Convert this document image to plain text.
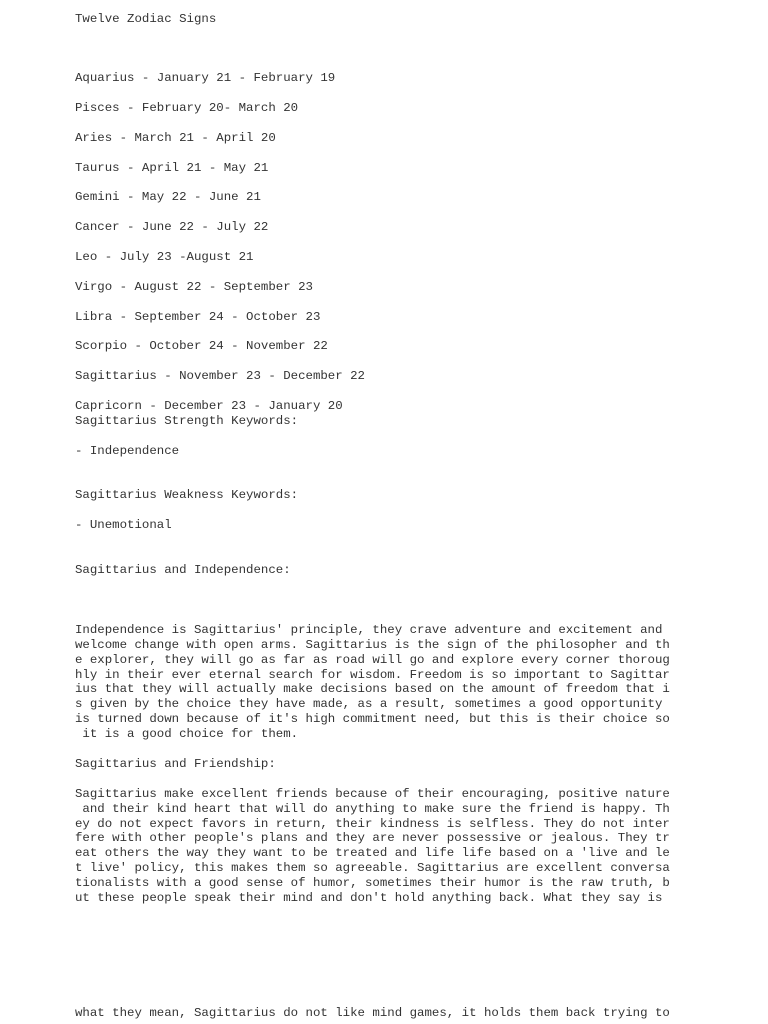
Twelve Zodiac Signs

Aquarius - January 21 - February 19

Pisces - February 20- March 20

Aries - March 21 - April 20

Taurus - April 21 - May 21

Gemini - May 22 - June 21

Cancer - June 22 - July 22

Leo - July 23 -August 21

Virgo - August 22 - September 23

Libra - September 24 - October 23

Scorpio - October 24 - November 22

Sagittarius - November 23 - December 22

Capricorn - December 23 - January 20

Sagittarius Strength Keywords:

- Independence

Sagittarius Weakness Keywords:

- Unemotional

Sagittarius and Independence:

Independence is Sagittarius' principle, they crave adventure and excitement and

welcome change with open arms. Sagittarius is the sign of the philosopher and th

e explorer, they will go as far as road will go and explore every corner thoroug

hly in their ever eternal search for wisdom. Freedom is so important to Sagittar

ius that they will actually make decisions based on the amount of freedom that i

s given by the choice they have made, as a result, sometimes a good opportunity

is turned down because of it's high commitment need, but this is their choice so

it is a good choice for them.

Sagittarius and Friendship:

Sagittarius make excellent friends because of their encouraging, positive nature

and their kind heart that will do anything to make sure the friend is happy. Th

ey do not expect favors in return, their kindness is selfless. They do not inter

fere with other people's plans and they are never possessive or jealous. They tr

eat others the way they want to be treated and life life based on a 'live and le

t live' policy, this makes them so agreeable. Sagittarius are excellent conversa

tionalists with a good sense of humor, sometimes their humor is the raw truth, b

ut these people speak their mind and don't hold anything back. What they say is

what they mean, Sagittarius do not like mind games, it holds them back trying to
